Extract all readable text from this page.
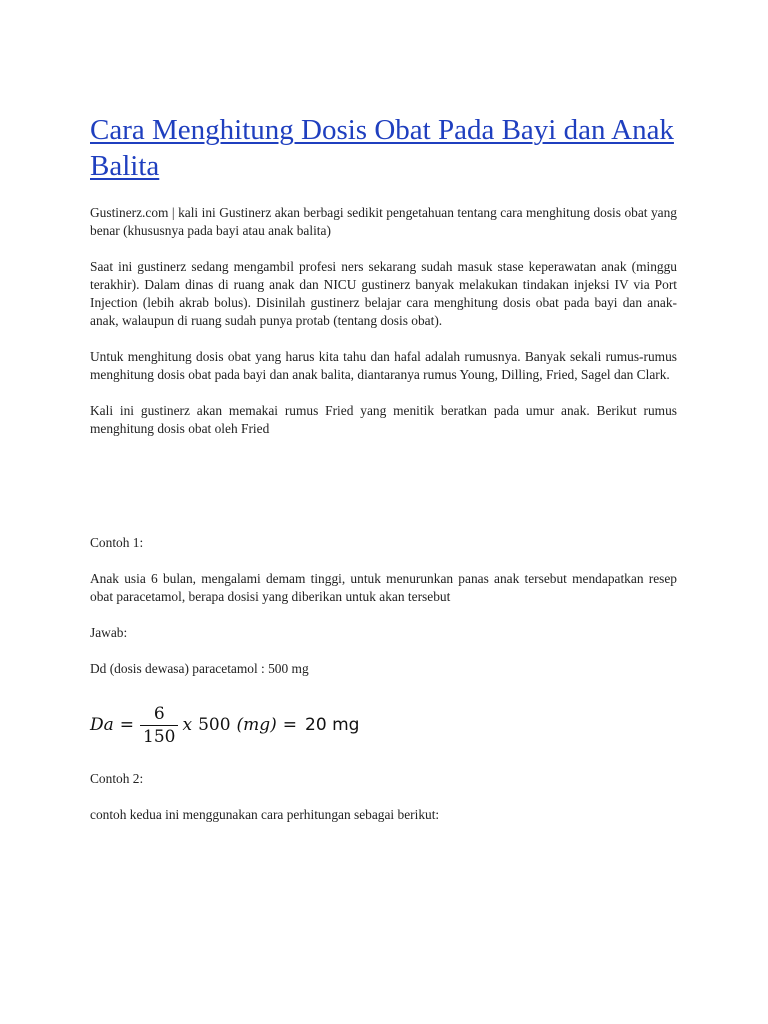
Cara Menghitung Dosis Obat Pada Bayi dan Anak Balita

Gustinerz.com | kali ini Gustinerz akan berbagi sedikit pengetahuan tentang cara menghitung dosis obat yang benar (khususnya pada bayi atau anak balita)

Saat ini gustinerz sedang mengambil profesi ners sekarang sudah masuk stase keperawatan anak (minggu terakhir). Dalam dinas di ruang anak dan NICU gustinerz banyak melakukan tindakan injeksi IV via Port Injection (lebih akrab bolus). Disinilah gustinerz belajar cara menghitung dosis obat pada bayi dan anak-anak, walaupun di ruang sudah punya protab (tentang dosis obat).

Untuk menghitung dosis obat yang harus kita tahu dan hafal adalah rumusnya. Banyak sekali rumus-rumus menghitung dosis obat pada bayi dan anak balita, diantaranya rumus Young, Dilling, Fried, Sagel dan Clark.

Kali ini gustinerz akan memakai rumus Fried yang menitik beratkan pada umur anak. Berikut rumus menghitung dosis obat oleh Fried

Contoh 1:

Anak usia 6 bulan, mengalami demam tinggi, untuk menurunkan panas anak tersebut mendapatkan resep obat paracetamol, berapa dosisi yang diberikan untuk akan tersebut

Jawab:

Dd (dosis dewasa) paracetamol : 500 mg

$Da = \frac{6}{150}$ x 500 (mg) = 20 mg

Contoh 2:

contoh kedua ini menggunakan cara perhitungan sebagai berikut:
